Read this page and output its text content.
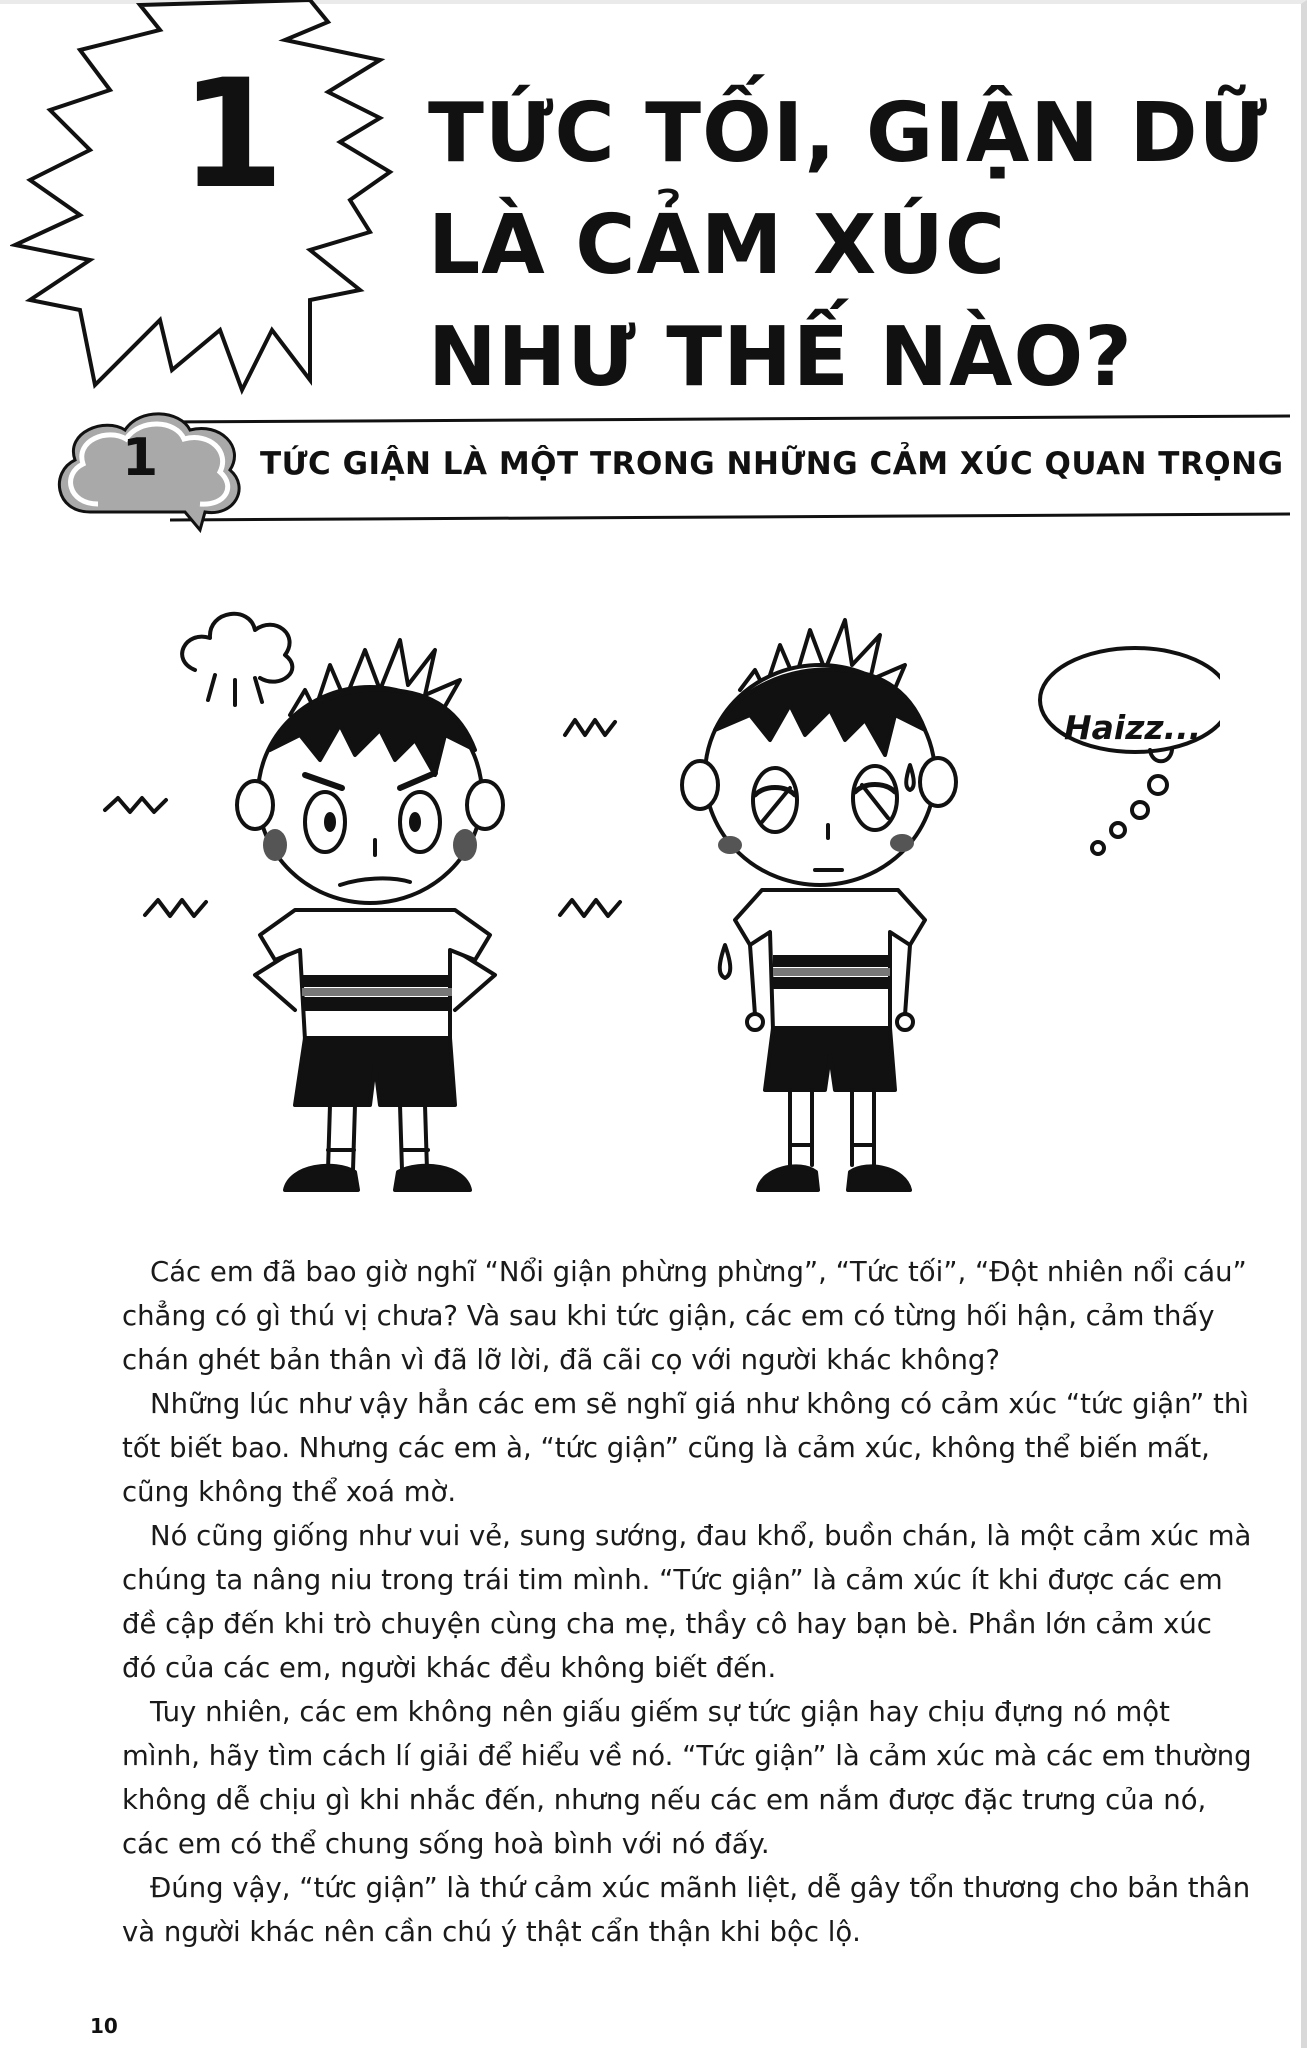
1 TỨC TỐI, GIẬN DỮ
LÀ CẢM XÚC
NHƯ THẾ NÀO?
1	TỨC GIẬN LÀ MỘT TRONG NHỮNG CẢM XÚC QUAN TRỌNG
Haizz...

Các em đã bao giờ nghĩ “Nổi giận phừng phừng”, “Tức tối”, “Đột nhiên nổi cáu” chẳng có gì thú vị chưa? Và sau khi tức giận, các em có từng hối hận, cảm thấy chán ghét bản thân vì đã lỡ lời, đã cãi cọ với người khác không?

Những lúc như vậy hẳn các em sẽ nghĩ giá như không có cảm xúc “tức giận” thì tốt biết bao. Nhưng các em à, “tức giận” cũng là cảm xúc, không thể biến mất, cũng không thể xoá mờ.

Nó cũng giống như vui vẻ, sung sướng, đau khổ, buồn chán, là một cảm xúc mà chúng ta nâng niu trong trái tim mình. “Tức giận” là cảm xúc ít khi được các em đề cập đến khi trò chuyện cùng cha mẹ, thầy cô hay bạn bè. Phần lớn cảm xúc đó của các em, người khác đều không biết đến.

Tuy nhiên, các em không nên giấu giếm sự tức giận hay chịu đựng nó một mình, hãy tìm cách lí giải để hiểu về nó. “Tức giận” là cảm xúc mà các em thường không dễ chịu gì khi nhắc đến, nhưng nếu các em nắm được đặc trưng của nó, các em có thể chung sống hoà bình với nó đấy.

Đúng vậy, “tức giận” là thứ cảm xúc mãnh liệt, dễ gây tổn thương cho bản thân và người khác nên cần chú ý thật cẩn thận khi bộc lộ.

10
